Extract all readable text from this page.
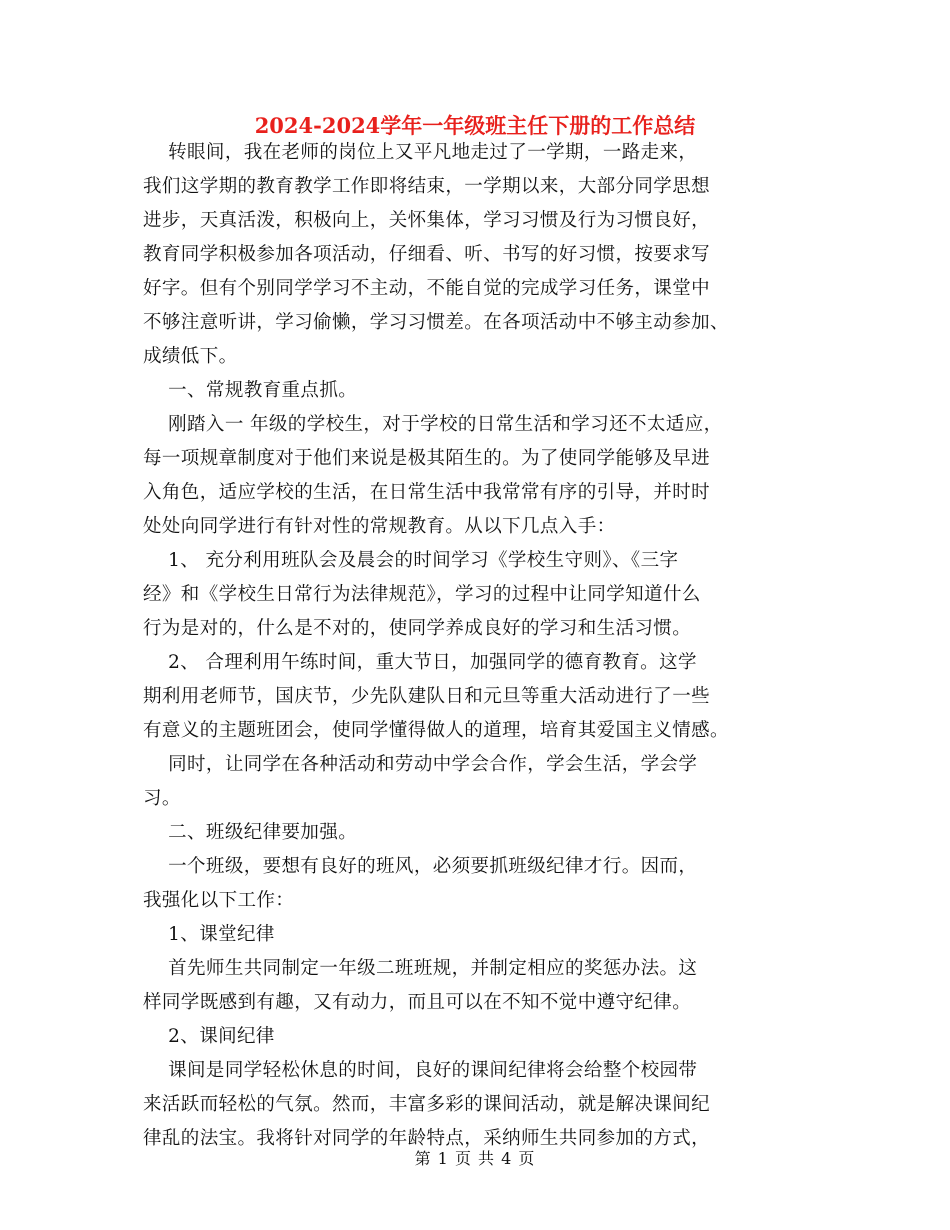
2024-2024学年一年级班主任下册的工作总结
转眼间，我在老师的岗位上又平凡地走过了一学期，一路走来，
我们这学期的教育教学工作即将结束，一学期以来，大部分同学思想
进步，天真活泼，积极向上，关怀集体，学习习惯及行为习惯良好，
教育同学积极参加各项活动，仔细看、听、书写的好习惯，按要求写
好字。但有个别同学学习不主动，不能自觉的完成学习任务，课堂中
不够注意听讲，学习偷懒，学习习惯差。在各项活动中不够主动参加、
成绩低下。
一、常规教育重点抓。
刚踏入一 年级的学校生，对于学校的日常生活和学习还不太适应，
每一项规章制度对于他们来说是极其陌生的。为了使同学能够及早进
入角色，适应学校的生活，在日常生活中我常常有序的引导，并时时
处处向同学进行有针对性的常规教育。从以下几点入手：
1、 充分利用班队会及晨会的时间学习《学校生守则》、《三字
经》和《学校生日常行为法律规范》，学习的过程中让同学知道什么
行为是对的，什么是不对的，使同学养成良好的学习和生活习惯。
2、 合理利用午练时间，重大节日，加强同学的德育教育。这学
期利用老师节，国庆节，少先队建队日和元旦等重大活动进行了一些
有意义的主题班团会，使同学懂得做人的道理，培育其爱国主义情感。
同时，让同学在各种活动和劳动中学会合作，学会生活，学会学
习。
二、班级纪律要加强。
一个班级，要想有良好的班风，必须要抓班级纪律才行。因而，
我强化以下工作：
1、课堂纪律
首先师生共同制定一年级二班班规，并制定相应的奖惩办法。这
样同学既感到有趣，又有动力，而且可以在不知不觉中遵守纪律。
2、课间纪律
课间是同学轻松休息的时间，良好的课间纪律将会给整个校园带
来活跃而轻松的气氛。然而，丰富多彩的课间活动，就是解决课间纪
律乱的法宝。我将针对同学的年龄特点，采纳师生共同参加的方式，
第 1 页 共 4 页
